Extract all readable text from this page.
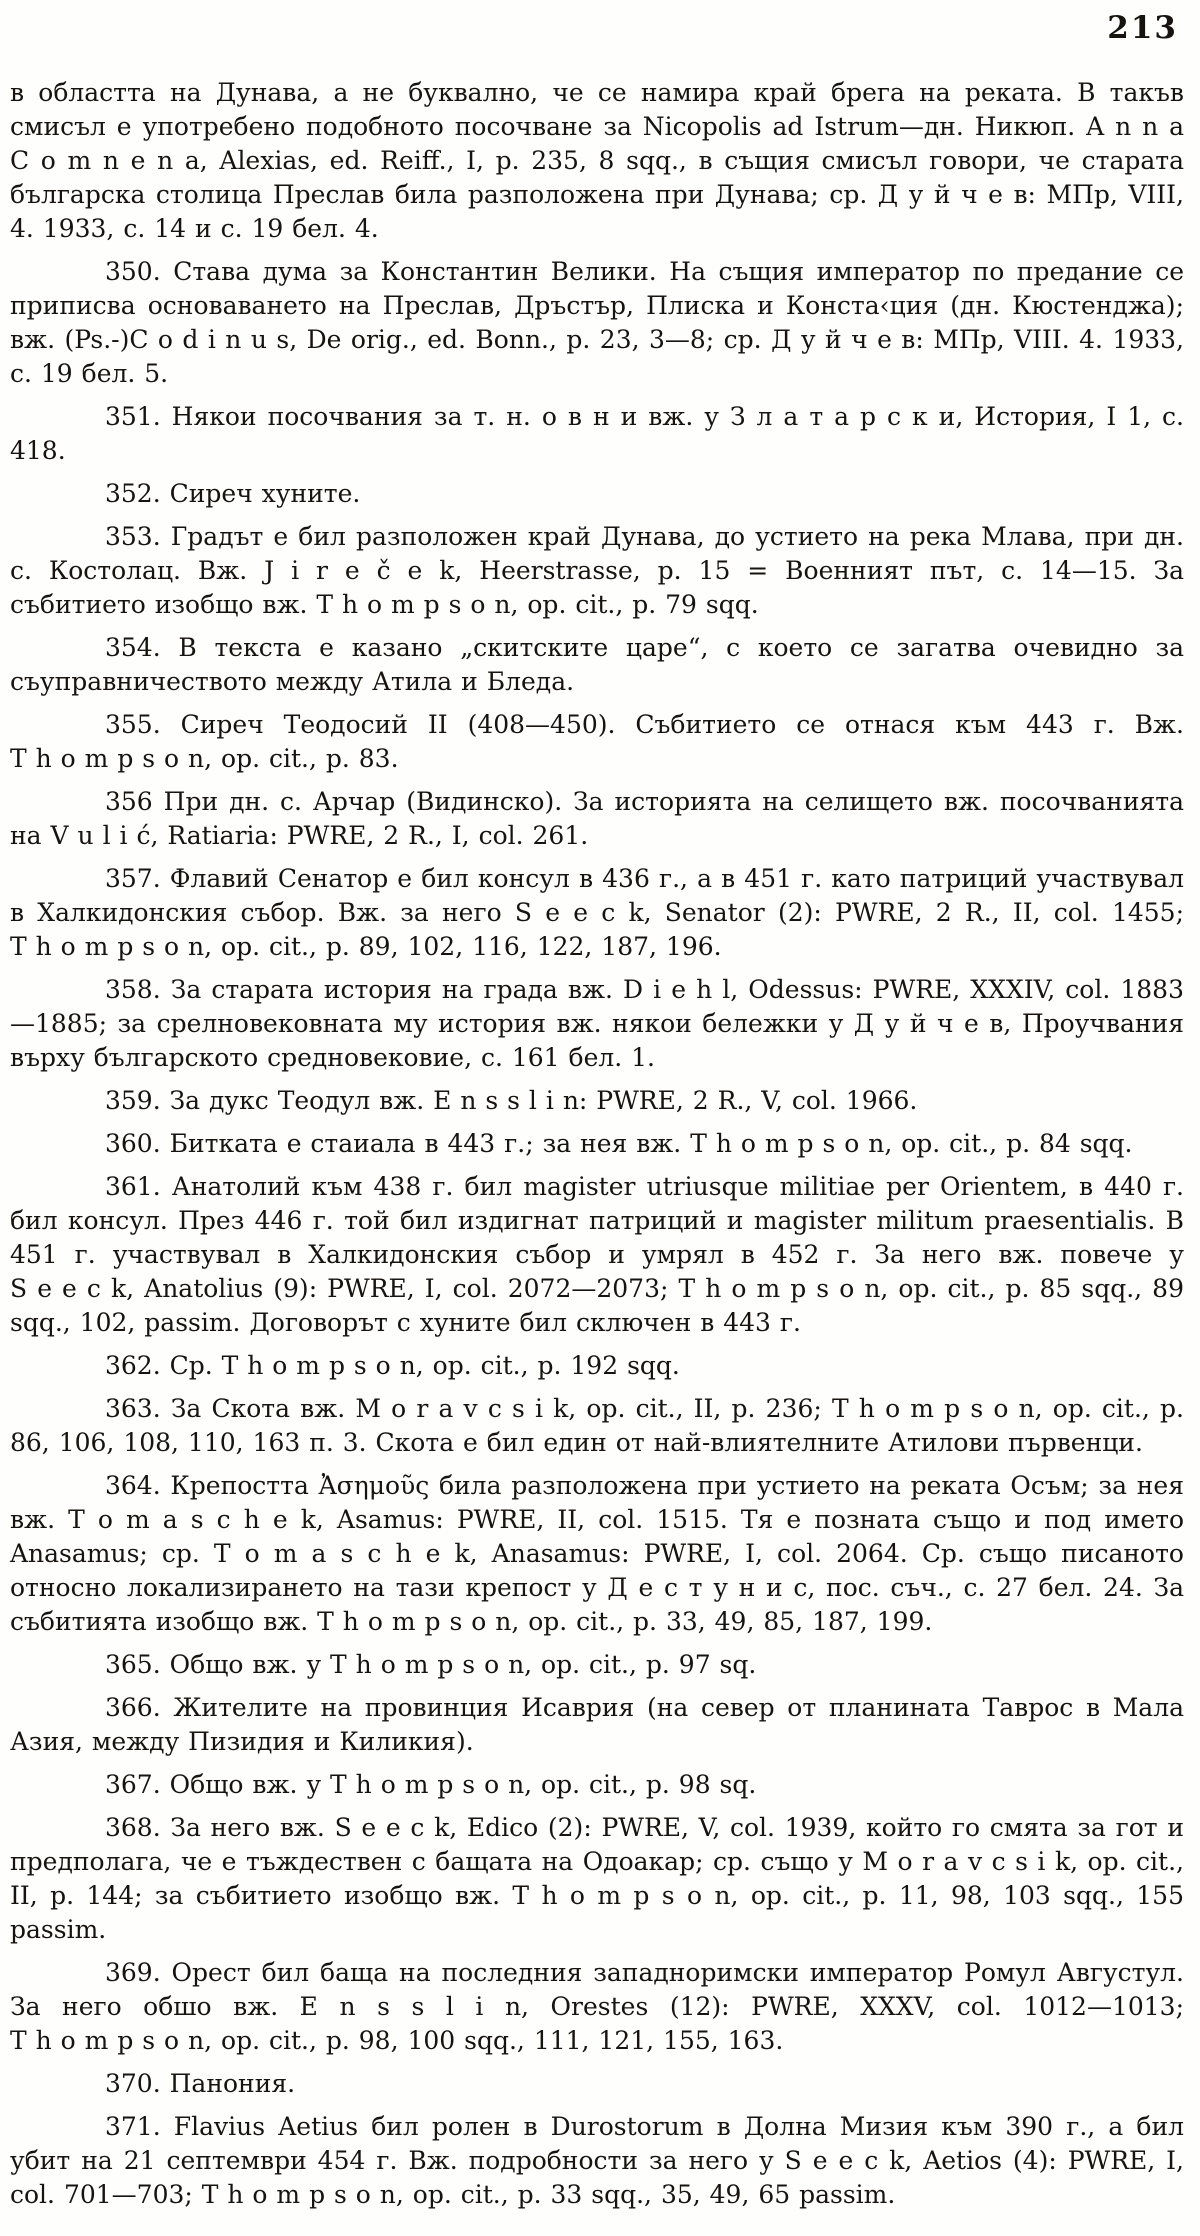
213

в областта на Дунава, а не буквално, че се намира край брега на реката. В такъв смисъл е употребено подобното посочване за Nicopolis ad Istrum—дн. Никюп. A n n a C o m n e n a, Alexias, ed. Reiff., I, p. 235, 8 sqq., в същия смисъл говори, че старата българска столица Преслав била разположена при Дунава; ср. Д у й ч е в: МПр, VIII, 4. 1933, с. 14 и с. 19 бел. 4.

350. Става дума за Константин Велики. На същия император по предание се приписва основаването на Преслав, Дръстър, Плиска и Конста‹ция (дн. Кюстенджа); вж. (Ps.-)C o d i n u s, De orig., ed. Bonn., p. 23, 3—8; ср. Д у й ч е в: МПр, VIII. 4. 1933, с. 19 бел. 5.

351. Някои посочвания за т. н. о в н и вж. у З л а т а р с к и, История, I 1, с. 418.

352. Сиреч хуните.

353. Градът е бил разположен край Дунава, до устието на река Млава, при дн. с. Костолац. Вж. J i r e č e k, Heerstrasse, p. 15 = Военният път, с. 14—15. За събитието изобщо вж. T h o m p s o n, op. cit., p. 79 sqq.

354. В текста е казано „скитските царе“, с което се загатва очевидно за съуправничеството между Атила и Бледа.

355. Сиреч Теодосий II (408—450). Събитието се отнася към 443 г. Вж. T h o m p s o n, op. cit., p. 83.

356 При дн. с. Арчар (Видинско). За историята на селището вж. посочванията на V u l i ć, Ratiaria: PWRE, 2 R., I, col. 261.

357. Флавий Сенатор е бил консул в 436 г., а в 451 г. като патриций участвувал в Халкидонския събор. Вж. за него S e e c k, Senator (2): PWRE, 2 R., II, col. 1455; T h o m p s o n, op. cit., p. 89, 102, 116, 122, 187, 196.

358. За старата история на града вж. D i e h l, Odessus: PWRE, XXXIV, col. 1883—1885; за срелновековната му история вж. някои бележки у Д у й ч е в, Проучвания върху българското средновековие, с. 161 бел. 1.

359. За дукс Теодул вж. E n s s l i n: PWRE, 2 R., V, col. 1966.

360. Битката е стаиала в 443 г.; за нея вж. T h o m p s o n, op. cit., p. 84 sqq.

361. Анатолий към 438 г. бил magister utriusque militiae per Orientem, в 440 г. бил консул. През 446 г. той бил издигнат патриций и magister militum praesentialis. В 451 г. участвувал в Халкидонския събор и умрял в 452 г. За него вж. повече у S e e c k, Anatolius (9): PWRE, I, col. 2072—2073; T h o m p s o n, op. cit., p. 85 sqq., 89 sqq., 102, passim. Договорът с хуните бил сключен в 443 г.

362. Ср. T h o m p s o n, op. cit., p. 192 sqq.

363. За Скота вж. M o r a v c s i k, op. cit., II, p. 236; T h o m p s o n, op. cit., p. 86, 106, 108, 110, 163 п. 3. Скота е бил един от най-влиятелните Атилови първенци.

364. Крепостта Ἀσημοῦς била разположена при устието на реката Осъм; за нея вж. T o m a s c h e k, Asamus: PWRE, II, col. 1515. Тя е позната също и под името Anasamus; ср. T o m a s c h e k, Anasamus: PWRE, I, col. 2064. Ср. също писаното относно локализирането на тази крепост у Д е с т у н и с, пос. съч., с. 27 бел. 24. За събитията изобщо вж. T h o m p s o n, op. cit., p. 33, 49, 85, 187, 199.

365. Общо вж. у T h o m p s o n, op. cit., p. 97 sq.

366. Жителите на провинция Исаврия (на север от планината Таврос в Мала Азия, между Пизидия и Киликия).

367. Общо вж. у T h o m p s o n, op. cit., p. 98 sq.

368. За него вж. S e e c k, Edico (2): PWRE, V, col. 1939, който го смята за гот и предполага, че е тъждествен с бащата на Одоакар; ср. също у M o r a v c s i k, op. cit., II, p. 144; за събитието изобщо вж. T h o m p s o n, op. cit., p. 11, 98, 103 sqq., 155 passim.

369. Орест бил баща на последния западноримски император Ромул Августул. За него обшо вж. E n s s l i n, Orestes (12): PWRE, XXXV, col. 1012—1013; T h o m p s o n, op. cit., p. 98, 100 sqq., 111, 121, 155, 163.

370. Панония.

371. Flavius Aetius бил ролен в Durostorum в Долна Мизия към 390 г., а бил убит на 21 септември 454 г. Вж. подробности за него у S e e c k, Aetios (4): PWRE, I, col. 701—703; T h o m p s o n, op. cit., p. 33 sqq., 35, 49, 65 passim.
